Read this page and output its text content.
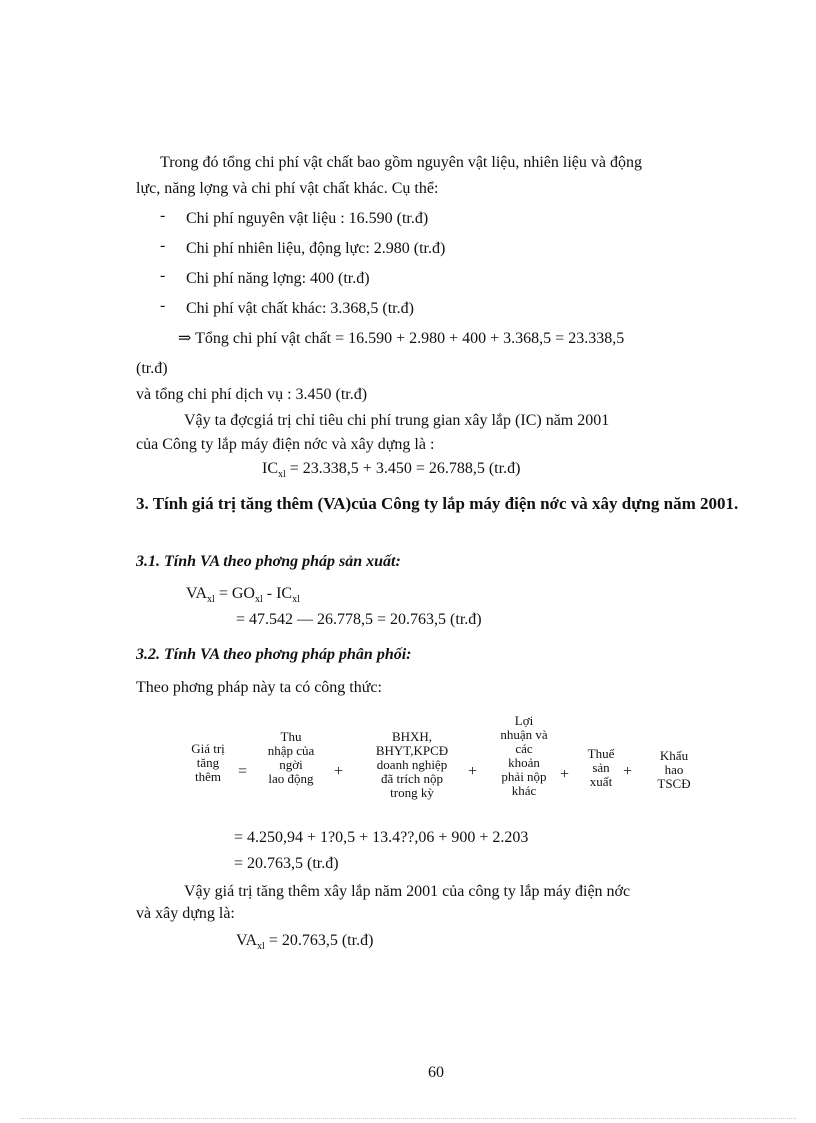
Trong đó tổng chi phí vật chất bao gồm nguyên vật liệu, nhiên liệu và động
lực, năng lợng và chi phí vật chất khác. Cụ thể:
- Chi phí nguyên vật liệu : 16.590 (tr.đ)
- Chi phí nhiên liệu, động lực: 2.980 (tr.đ)
- Chi phí năng lợng: 400 (tr.đ)
- Chi phí vật chất khác: 3.368,5 (tr.đ)
⇒ Tổng chi phí vật chất = 16.590 + 2.980 + 400 + 3.368,5 = 23.338,5
(tr.đ)
và tổng chi phí dịch vụ : 3.450 (tr.đ)
Vậy ta đợcgiá trị chỉ tiêu chi phí trung gian xây lắp (IC) năm 2001
của Công ty lắp máy điện nớc và xây dựng là :
$IC_{xl} = 23.338,5 + 3.450 = 26.788,5$ (tr.đ)
3. Tính giá trị tăng thêm (VA)của Công ty lắp máy điện nớc và xây dựng năm 2001.
3.1. Tính VA theo phơng pháp sản xuất:
$VA_{xl} = GO_{xl} - IC_{xl}$
= 47.542 — 26.778,5 = 20.763,5 (tr.đ)
3.2. Tính VA theo phơng pháp phân phối:
Theo phơng pháp này ta có công thức:
Giá trị
tăng
thêm	=
Thu
nhập của
ngời
lao động	+
BHXH,
BHYT,KPCĐ
doanh nghiệp
đã trích nộp
trong kỳ
+
Lợi
nhuận và
các
khoản
phải nộp
khác
+
Thuế
sản
xuất
+
Khấu
hao
TSCĐ
= 4.250,94 + 1?0,5 + 13.4??,06 + 900 + 2.203
= 20.763,5 (tr.đ)
Vậy giá trị tăng thêm xây lắp năm 2001 của công ty lắp máy điện nớc
và xây dựng là:
$VA_{xl} = 20.763,5$ (tr.đ)
60
